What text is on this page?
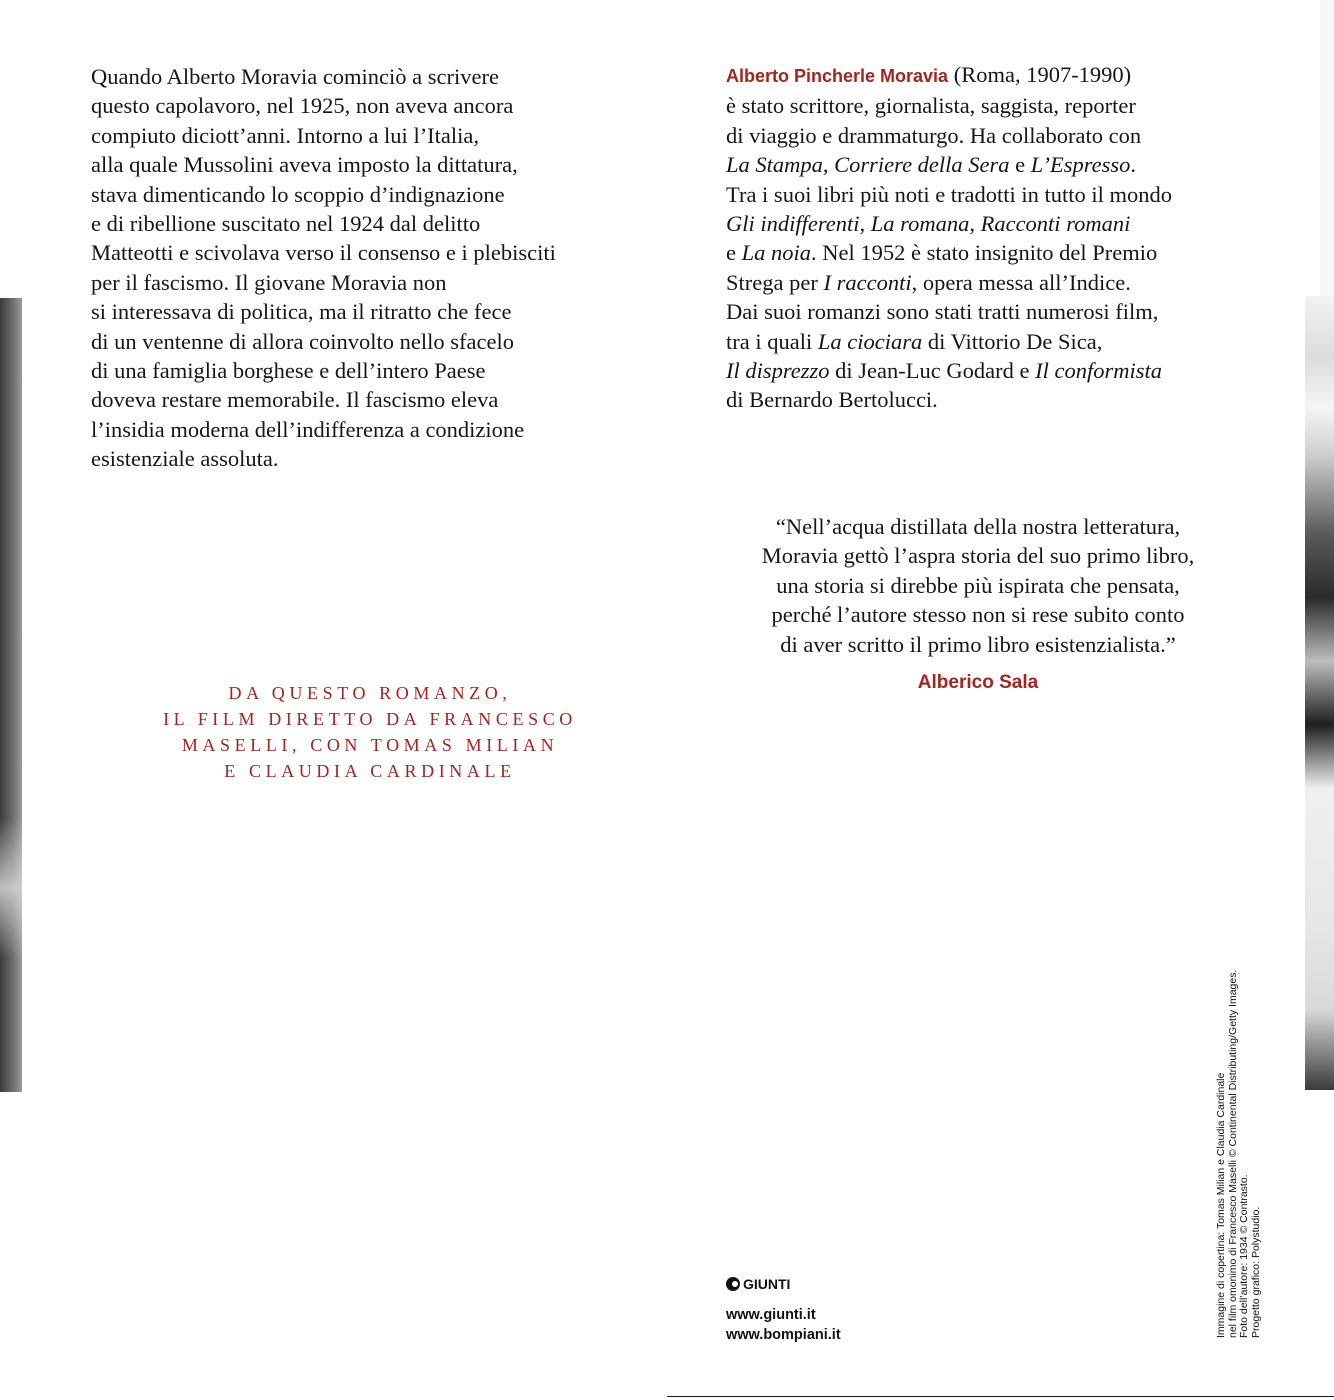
Quando Alberto Moravia cominciò a scrivere
questo capolavoro, nel 1925, non aveva ancora
compiuto diciott’anni. Intorno a lui l’Italia,
alla quale Mussolini aveva imposto la dittatura,
stava dimenticando lo scoppio d’indignazione
e di ribellione suscitato nel 1924 dal delitto
Matteotti e scivolava verso il consenso e i plebisciti
per il fascismo. Il giovane Moravia non
si interessava di politica, ma il ritratto che fece
di un ventenne di allora coinvolto nello sfacelo
di una famiglia borghese e dell’intero Paese
doveva restare memorabile. Il fascismo eleva
l’insidia moderna dell’indifferenza a condizione
esistenziale assoluta.
DA QUESTO ROMANZO,
IL FILM DIRETTO DA FRANCESCO
MASELLI, CON TOMAS MILIAN
E CLAUDIA CARDINALE
Alberto Pincherle Moravia (Roma, 1907-1990)
è stato scrittore, giornalista, saggista, reporter
di viaggio e drammaturgo. Ha collaborato con
La Stampa, Corriere della Sera e L’Espresso.
Tra i suoi libri più noti e tradotti in tutto il mondo
Gli indifferenti, La romana, Racconti romani
e La noia. Nel 1952 è stato insignito del Premio
Strega per I racconti, opera messa all’Indice.
Dai suoi romanzi sono stati tratti numerosi film,
tra i quali La ciociara di Vittorio De Sica,
Il disprezzo di Jean-Luc Godard e Il conformista
di Bernardo Bertolucci.
“Nell’acqua distillata della nostra letteratura,
Moravia gettò l’aspra storia del suo primo libro,
una storia si direbbe più ispirata che pensata,
perché l’autore stesso non si rese subito conto
di aver scritto il primo libro esistenzialista.”
Alberico Sala
GIUNTI
www.giunti.it
www.bompiani.it	Immagine di copertina: Tomas Milian e Claudia Cardinale nel film omonimo di Francesco Maselli © Continental Distributing/Getty Images. Foto dell’autore: 1934 © Contrasto. Progetto grafico: Polystudio.
